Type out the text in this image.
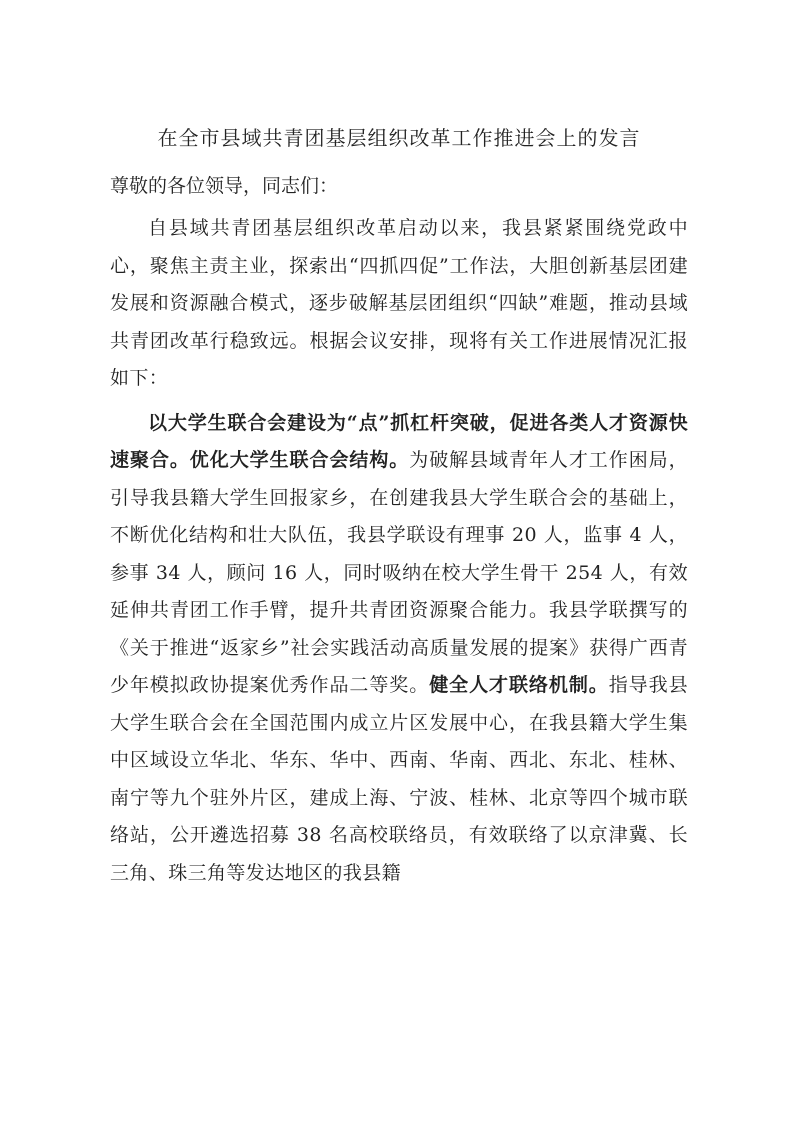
在全市县域共青团基层组织改革工作推进会上的发言

尊敬的各位领导，同志们：

自县域共青团基层组织改革启动以来，我县紧紧围绕党政中心，聚焦主责主业，探索出“四抓四促”工作法，大胆创新基层团建发展和资源融合模式，逐步破解基层团组织“四缺”难题，推动县域共青团改革行稳致远。根据会议安排，现将有关工作进展情况汇报如下：

以大学生联合会建设为“点”抓杠杆突破，促进各类人才资源快速聚合。优化大学生联合会结构。为破解县域青年人才工作困局，引导我县籍大学生回报家乡，在创建我县大学生联合会的基础上，不断优化结构和壮大队伍，我县学联设有理事 20 人，监事 4 人，参事 34 人，顾问 16 人，同时吸纳在校大学生骨干 254 人，有效延伸共青团工作手臂，提升共青团资源聚合能力。我县学联撰写的《关于推进“返家乡”社会实践活动高质量发展的提案》获得广西青少年模拟政协提案优秀作品二等奖。健全人才联络机制。指导我县大学生联合会在全国范围内成立片区发展中心，在我县籍大学生集中区域设立华北、华东、华中、西南、华南、西北、东北、桂林、南宁等九个驻外片区，建成上海、宁波、桂林、北京等四个城市联络站，公开遴选招募 38 名高校联络员，有效联络了以京津冀、长三角、珠三角等发达地区的我县籍
